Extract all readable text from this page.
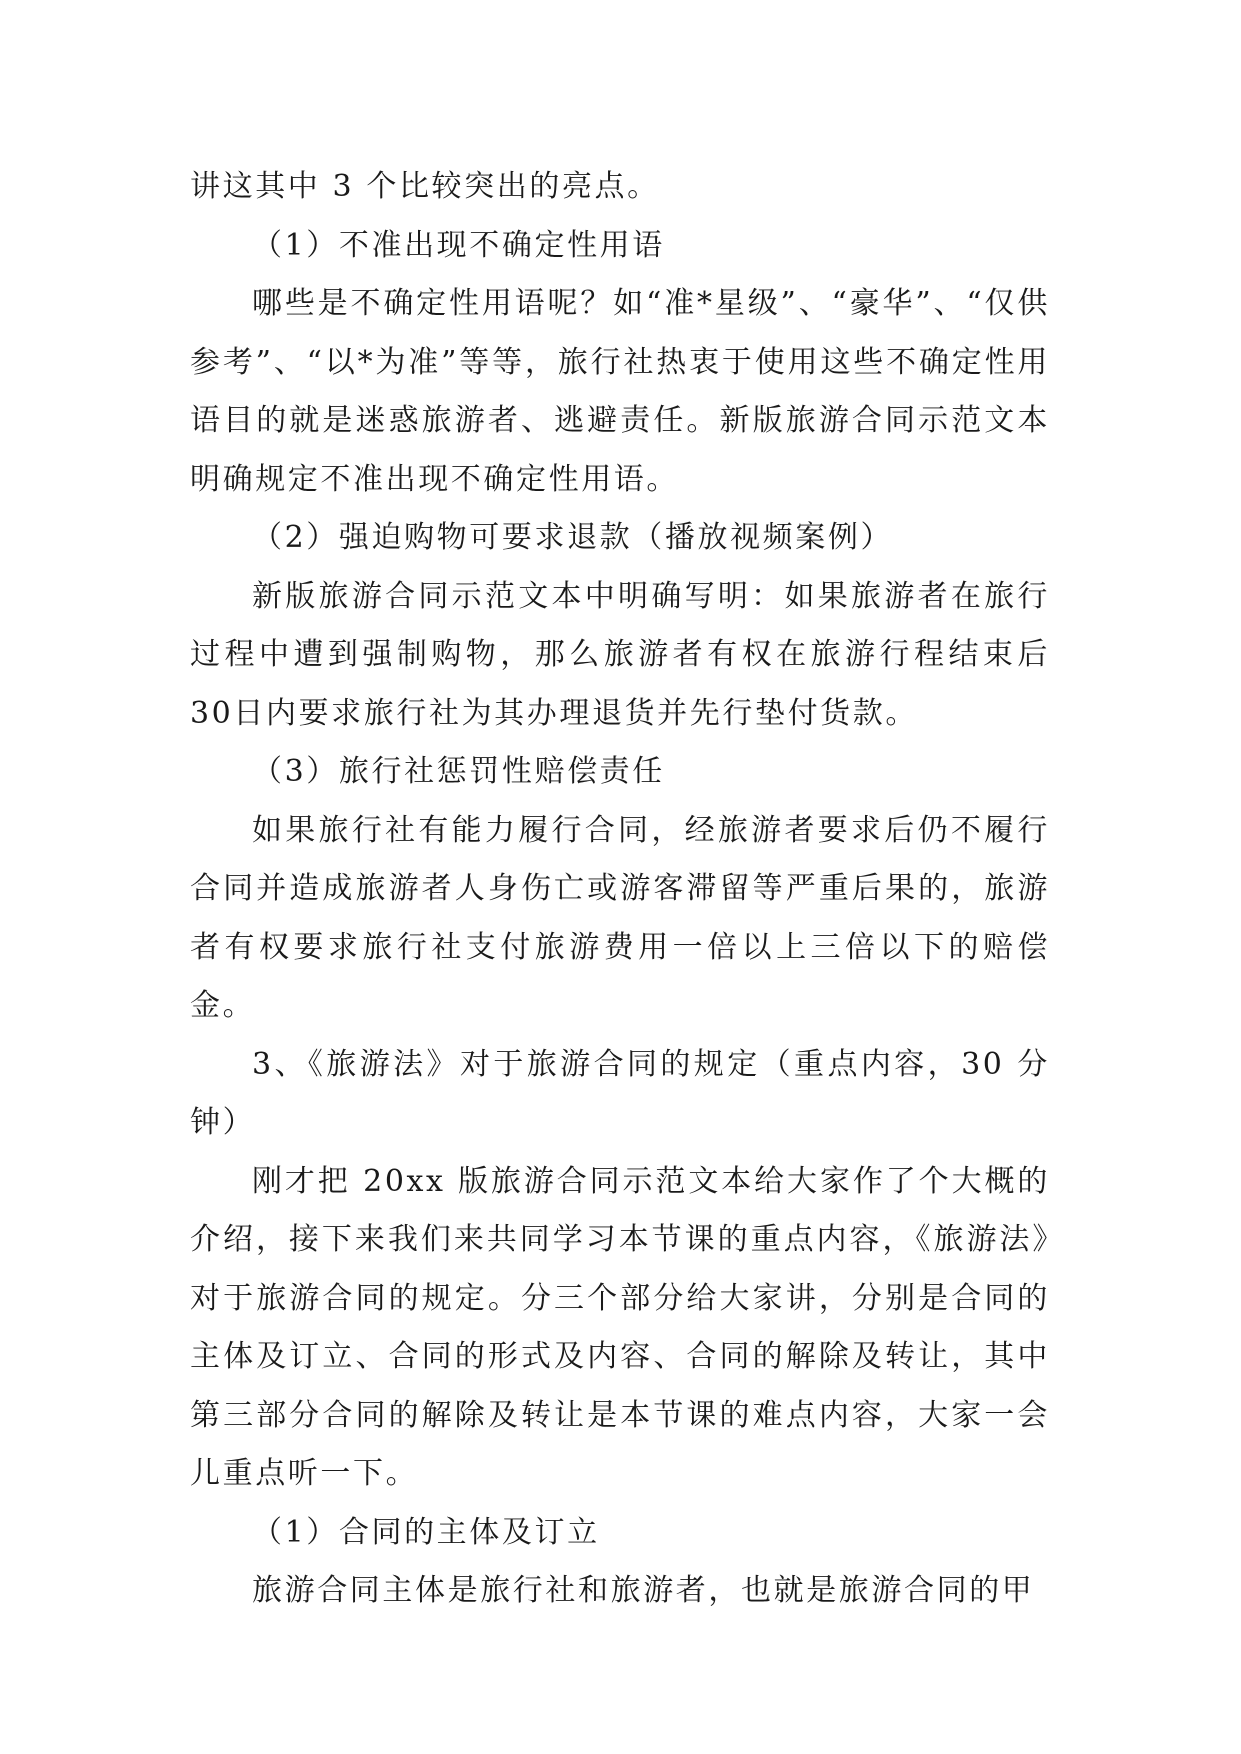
讲这其中 3 个比较突出的亮点。

（1）不准出现不确定性用语

哪些是不确定性用语呢？如“准*星级”、“豪华”、“仅供参考”、“以*为准”等等，旅行社热衷于使用这些不确定性用语目的就是迷惑旅游者、逃避责任。新版旅游合同示范文本明确规定不准出现不确定性用语。

（2）强迫购物可要求退款（播放视频案例）

新版旅游合同示范文本中明确写明：如果旅游者在旅行过程中遭到强制购物，那么旅游者有权在旅游行程结束后 30日内要求旅行社为其办理退货并先行垫付货款。

（3）旅行社惩罚性赔偿责任

如果旅行社有能力履行合同，经旅游者要求后仍不履行合同并造成旅游者人身伤亡或游客滞留等严重后果的，旅游者有权要求旅行社支付旅游费用一倍以上三倍以下的赔偿金。

3、《旅游法》对于旅游合同的规定（重点内容，30 分钟）

刚才把 20xx 版旅游合同示范文本给大家作了个大概的介绍，接下来我们来共同学习本节课的重点内容，《旅游法》对于旅游合同的规定。分三个部分给大家讲，分别是合同的主体及订立、合同的形式及内容、合同的解除及转让，其中第三部分合同的解除及转让是本节课的难点内容，大家一会儿重点听一下。

（1）合同的主体及订立

旅游合同主体是旅行社和旅游者，也就是旅游合同的甲
